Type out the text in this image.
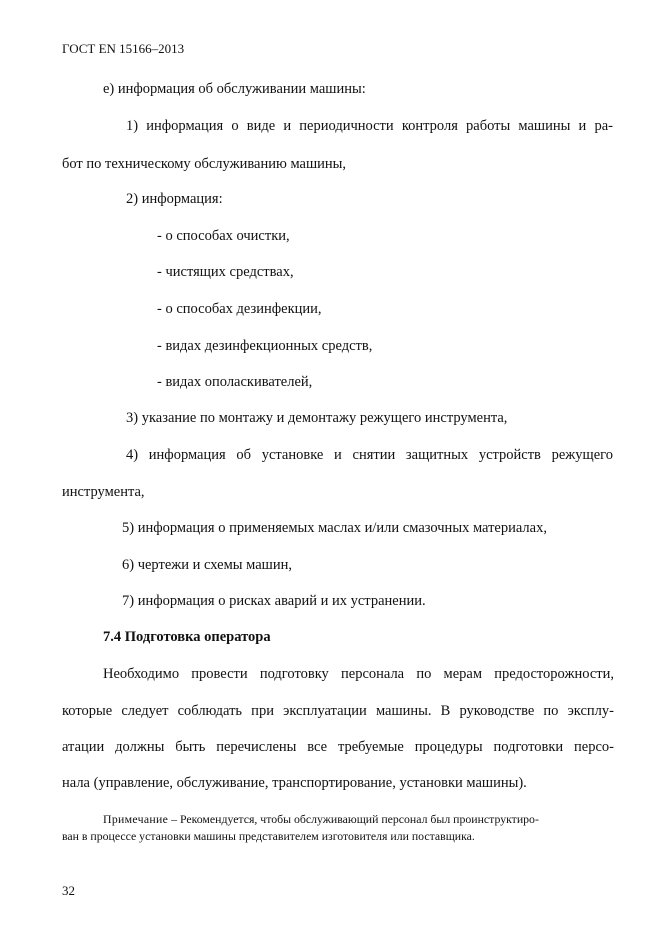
ГОСТ EN 15166–2013

е) информация об обслуживании машины:

1) информация о виде и периодичности контроля работы машины и ра-

бот по техническому обслуживанию машины,

2) информация:

- о способах очистки,

- чистящих средствах,

- о способах дезинфекции,

- видах дезинфекционных средств,

- видах ополаскивателей,

3) указание по монтажу и демонтажу режущего инструмента,

4) информация об установке и снятии защитных устройств режущего

инструмента,

5) информация о применяемых маслах и/или смазочных материалах,

6) чертежи и схемы машин,

7) информация о рисках аварий и их устранении.

7.4 Подготовка оператора

Необходимо провести подготовку персонала по мерам предосторожности,

которые следует соблюдать при эксплуатации машины. В руководстве по эксплу-

атации должны быть перечислены все требуемые процедуры подготовки персо-

нала (управление, обслуживание, транспортирование, установки машины).

Примечание – Рекомендуется, чтобы обслуживающий персонал был проинструктиро-

ван в процессе установки машины представителем изготовителя или поставщика.

32
